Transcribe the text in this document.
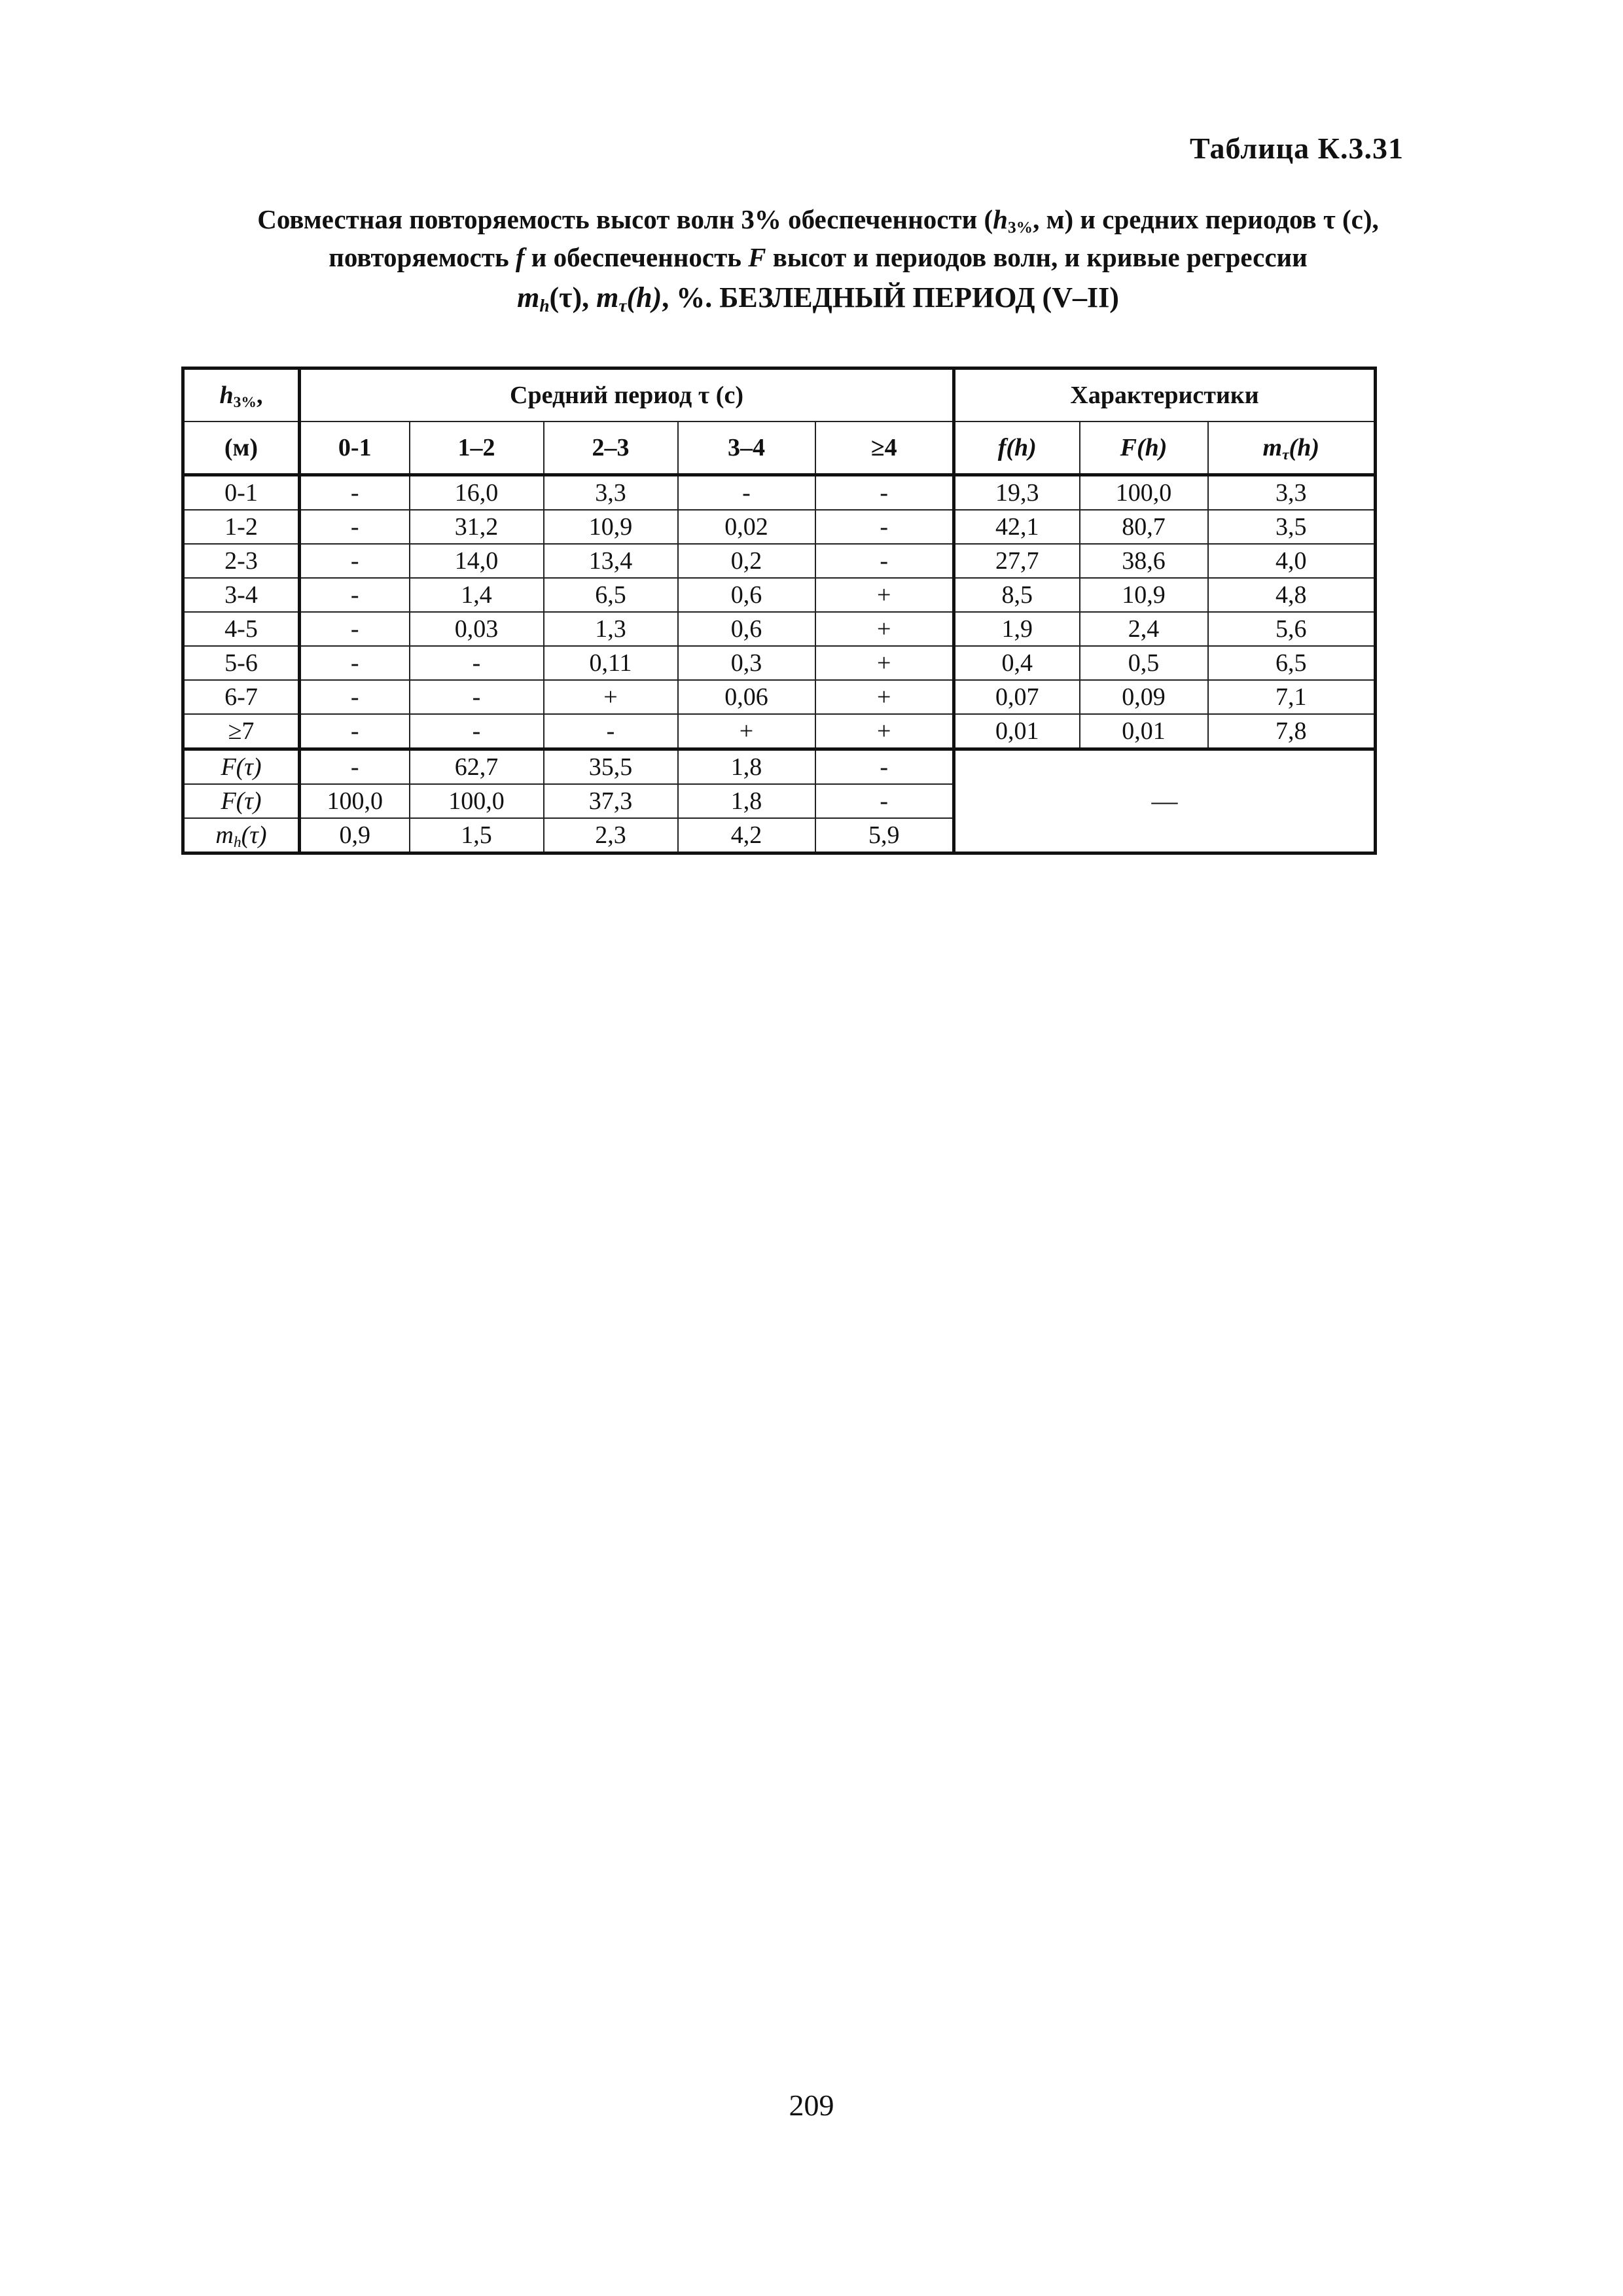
Таблица К.3.31
Совместная повторяемость высот волн 3% обеспеченности ($h_{3\%}$, м) и средних периодов τ (с),
повторяемость f и обеспеченность F высот и периодов волн, и кривые регрессии
$m_h(\tau)$, $m_\tau(h)$, %. БЕЗЛЕДНЫЙ ПЕРИОД (V–II)
$h_{3\%}$,	Средний период τ (с)					Характеристики		
(м)	0-1	1–2	2–3	3–4	≥4	f(h)	F(h)	$m_\tau(h)$
0-1	-	16,0	3,3	-	-	19,3	100,0	3,3
1-2	-	31,2	10,9	0,02	-	42,1	80,7	3,5
2-3	-	14,0	13,4	0,2	-	27,7	38,6	4,0
3-4	-	1,4	6,5	0,6	+	8,5	10,9	4,8
4-5	-	0,03	1,3	0,6	+	1,9	2,4	5,6
5-6	-	-	0,11	0,3	+	0,4	0,5	6,5
6-7	-	-	+	0,06	+	0,07	0,09	7,1
≥7	-	-	-	+	+	0,01	0,01	7,8
F(τ)	-	62,7	35,5	1,8	-	—		
F(τ)	100,0	100,0	37,3	1,8	-			
$m_h(\tau)$	0,9	1,5	2,3	4,2	5,9			
209
